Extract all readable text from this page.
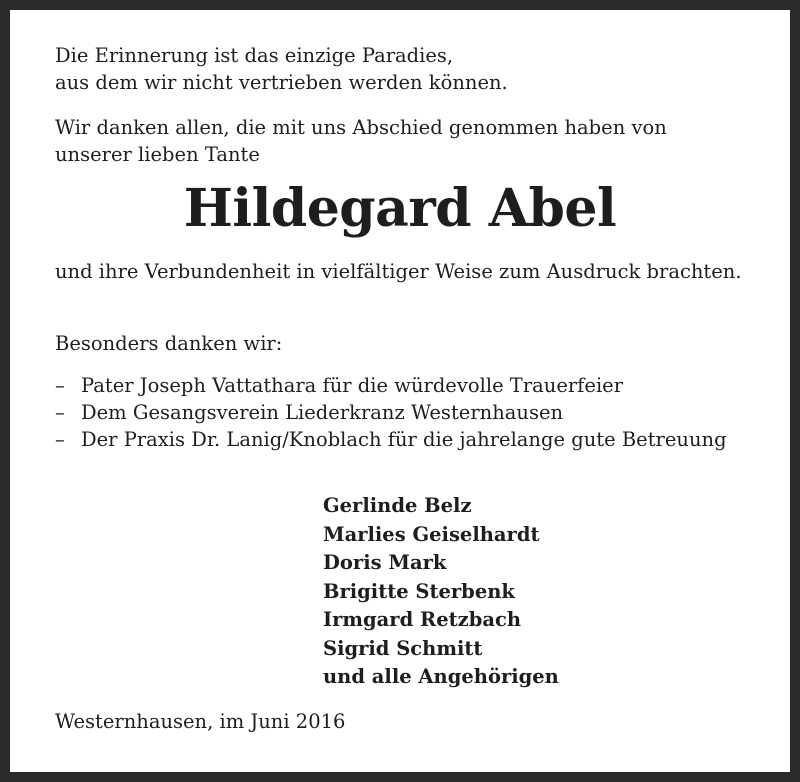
Die Erinnerung ist das einzige Paradies,
aus dem wir nicht vertrieben werden können.
Wir danken allen, die mit uns Abschied genommen haben von
unserer lieben Tante
Hildegard Abel
und ihre Verbundenheit in vielfältiger Weise zum Ausdruck brachten.
Besonders danken wir:
– Pater Joseph Vattathara für die würdevolle Trauerfeier
– Dem Gesangsverein Liederkranz Westernhausen
– Der Praxis Dr. Lanig/Knoblach für die jahrelange gute Betreuung
Gerlinde Belz
Marlies Geiselhardt
Doris Mark
Brigitte Sterbenk
Irmgard Retzbach
Sigrid Schmitt
und alle Angehörigen
Westernhausen, im Juni 2016
